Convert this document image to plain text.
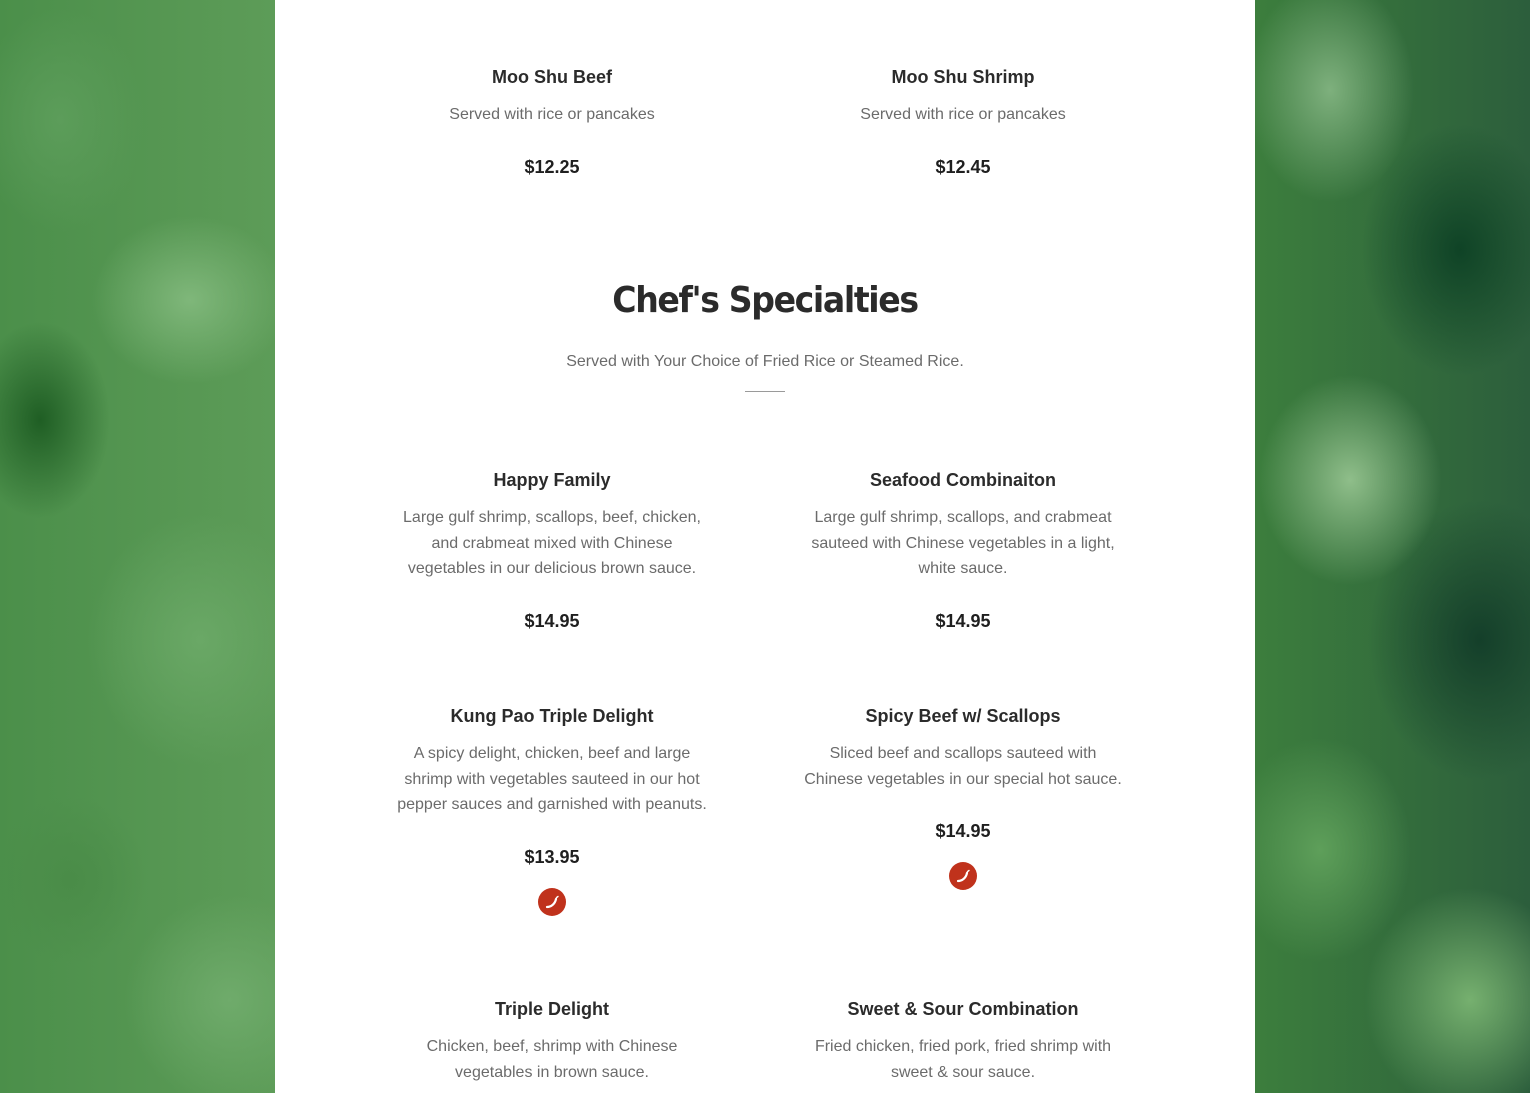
Moo Shu Beef

Served with rice or pancakes

$12.25

Moo Shu Shrimp

Served with rice or pancakes

$12.45

Chef's Specialties

Served with Your Choice of Fried Rice or Steamed Rice.

Happy Family

Large gulf shrimp, scallops, beef, chicken, and crabmeat mixed with Chinese vegetables in our delicious brown sauce.

$14.95

Seafood Combinaiton

Large gulf shrimp, scallops, and crabmeat sauteed with Chinese vegetables in a light, white sauce.

$14.95

Kung Pao Triple Delight

A spicy delight, chicken, beef and large shrimp with vegetables sauteed in our hot pepper sauces and garnished with peanuts.

$13.95

Spicy Beef w/ Scallops

Sliced beef and scallops sauteed with Chinese vegetables in our special hot sauce.

$14.95

Triple Delight

Chicken, beef, shrimp with Chinese vegetables in brown sauce.

Sweet & Sour Combination

Fried chicken, fried pork, fried shrimp with sweet & sour sauce.
